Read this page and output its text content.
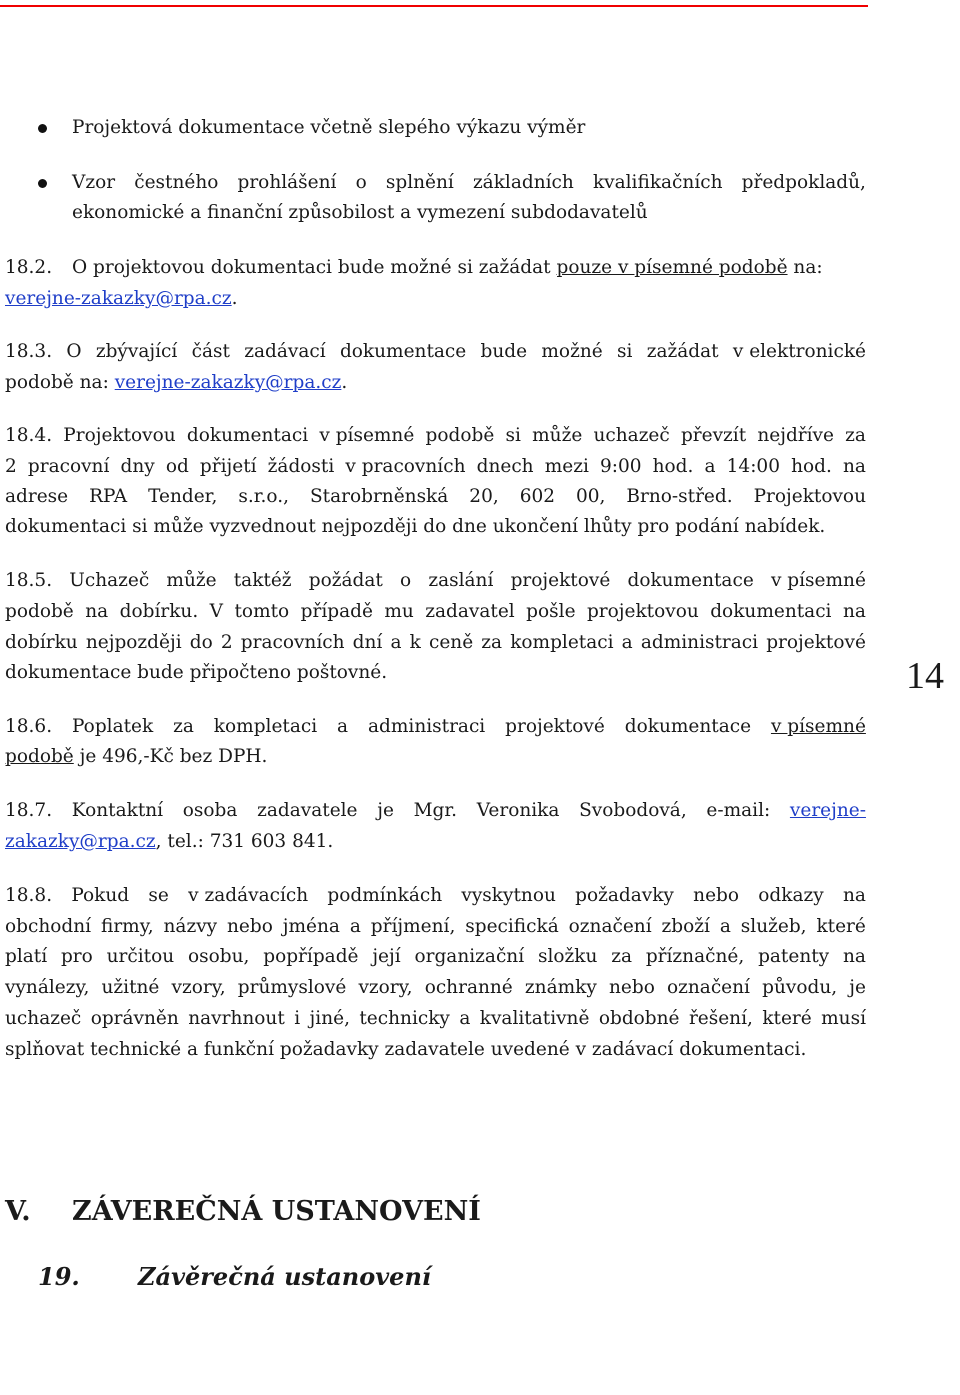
Projektová dokumentace včetně slepého výkazu výměr
Vzor čestného prohlášení o splnění základních kvalifikačních předpokladů,
ekonomické a finanční způsobilost a vymezení subdodavatelů
18.2. O projektovou dokumentaci bude možné si zažádat pouze v písemné podobě na:
verejne-zakazky@rpa.cz.
18.3. O zbývající část zadávací dokumentace bude možné si zažádat v elektronické
podobě na: verejne-zakazky@rpa.cz.
18.4. Projektovou dokumentaci v písemné podobě si může uchazeč převzít nejdříve za
2 pracovní dny od přijetí žádosti v pracovních dnech mezi 9:00 hod. a 14:00 hod. na
adrese RPA Tender, s.r.o., Starobrněnská 20, 602 00, Brno-střed. Projektovou
dokumentaci si může vyzvednout nejpozději do dne ukončení lhůty pro podání nabídek.
18.5. Uchazeč může taktéž požádat o zaslání projektové dokumentace v písemné
podobě na dobírku. V tomto případě mu zadavatel pošle projektovou dokumentaci na
dobírku nejpozději do 2 pracovních dní a k ceně za kompletaci a administraci projektové
dokumentace bude připočteno poštovné.
18.6. Poplatek za kompletaci a administraci projektové dokumentace v písemné
podobě je 496,-Kč bez DPH.
18.7. Kontaktní osoba zadavatele je Mgr. Veronika Svobodová, e-mail: verejne-
zakazky@rpa.cz, tel.: 731 603 841.
18.8. Pokud se v zadávacích podmínkách vyskytnou požadavky nebo odkazy na
obchodní firmy, názvy nebo jména a příjmení, specifická označení zboží a služeb, které
platí pro určitou osobu, popřípadě její organizační složku za příznačné, patenty na
vynálezy, užitné vzory, průmyslové vzory, ochranné známky nebo označení původu, je
uchazeč oprávněn navrhnout i jiné, technicky a kvalitativně obdobné řešení, které musí
splňovat technické a funkční požadavky zadavatele uvedené v zadávací dokumentaci.
V. ZÁVEREČNÁ USTANOVENÍ
19. Závěrečná ustanovení
14
